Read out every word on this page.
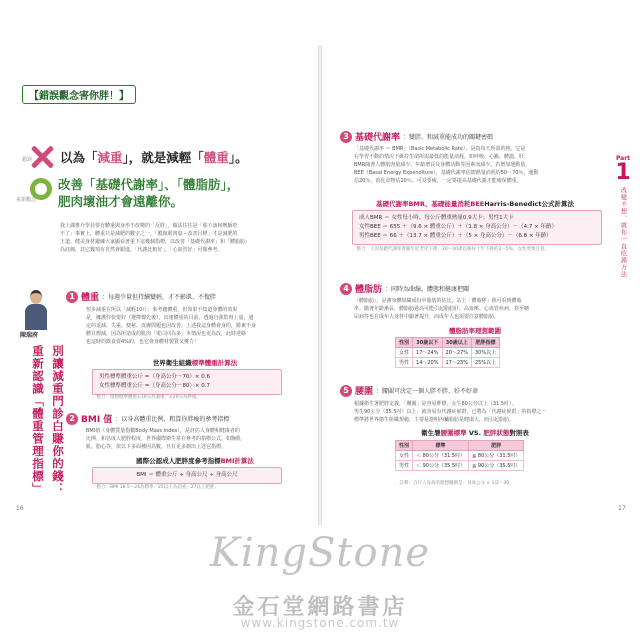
【錯誤觀念害你胖！】
錯誤 以為「減重」，就是減輕「體重」。
重新觀念
改善「基礎代謝率」、「體脂肪」，
肥肉壞油才會遠離你。
我上課推介學員要有體重與身形不改變的「反胖」，做法往往是「那不該和晚飯吃
不了」事實上，體重只是減肥的數字之一，「膜與肌肉量＋改善目標」才是減肥的
王道。健美身材鍛練大家顯看著重下這幾個指標，以改善「基礎代謝率」和「體脂肪」
為底線，其它幾項有自然會跟進，「代謝比較好」，「心血管好」可做參考。
陳瑞府
重新認識「體重管理指標」 別讓減重門診白賺你的錢：
1 體重 ：每週少量但持續變輕，才不影肌、不復胖
恒步減重在所以「減輕10斤」來考慮體重，但如果不知道身體的效果
是，擁護你快要好（選擇聲先後），出速體重的目前，透過自我監督上量，通
定的退減、失重、便秘、皮膚問題也因改善。上述我這身體會身的，勝東不身
體目標減，因為所造成的肌肉「電白回為多」本情況也更為改，此時達絡
也這時的飲食要4%的，也它會身體材製質又獲力！
世界衛生組織標準體重計算法
男性標準體重公斤 =（身高公分－70）× 0.6
女性標準體重公斤 =（身高公分－80）× 0.7
．整合：理想標準體重±10％為適重、±20％為胖瘦。
2 BMI 值 ：以身高體重比例，粗算你胖瘦的參考指標
BMI值（身體質量指數Body Mass Index），是評估人身體和健康者的
比例，和估成人肥胖程度。世界國際衛生常在參考的指標公式，如胸肌
肌、脂心等，依以下多面種因為數，且有更多測出上述它指標。
國際公認成人肥胖度參考指標BMI計算法
BMI ＝ 體重公斤 ÷ 身高公尺 ÷ 身高公尺
．整合：BMI 18.5～24為標準；25以上為超重，27以上肥胖。
16
3 基礎代謝率 ：變胖、和減重能成功的關鍵密碼
「基礎代謝率 ＝ BMR」（Basic Metabolic Rate），是指每天所需的熱，它是
在學習不動的情況下維持生命所需最低的能量消耗，如呼吸、心跳、體溫、肝、
BMR隨著人體肌肉量減少、年齡增長及身體活動等因素而減少。若增加運動量，
BEE（Basal Energy Expenditure），基礎代謝率佔總熱量消耗的50～70％，運動
佔20％，消化食物佔10％。可見要瘦，一定要提高基礎代謝才能確保體重。
基礎代謝率BMR、基礎能量消耗BEEHarris-Benedict公式計算法
成人BMR ＝ 女性每小時、每公斤體重熱量0.9大卡；男性1大卡
女性BEE ＝ 655 ＋（9.6 × 體重公斤）＋（1.8 × 身高公分）－（4.7 × 年齡）
男性BEE ＝ 66 ＋（13.7 × 體重公斤）＋（5 × 身高公分）－（6.8 × 年齡）
．整合：人的基礎代謝率會隨年紀老化下降，20～30歲以後每十年下降約2～5%，女性更要注意。
4 體脂肪 ：同時為曲線、體態和健康把關
「體脂肪」，是測身體組織成份中脂肪的佔比，站上「體脂秤」就可看到體脂
率。隨著年齡漸長，體脂肪過高可能引起脂肪肝、高血壓、心血管疾病，甚至糖
尿病等也在成年人身材中顯著提升，而成年人也需要注意體脂肪。
體脂肪率理想範圍
性別	30歲以下	30歲以上	肥胖指標
女性	17～24%	20～27%	30%以上
男性	14～20%	17～23%	25%以上
5 腰圍 ：腰圍可決定一個人胖不胖、好不好命
根據衛生署肥胖定義，「腰圍」是容易胖標，女生80公分以上（31.5吋）、
男生90公分（35.5吋）以上，就容易有代謝症候群，已將為「代謝症候群」的指標之一
標準將世界衛生組織規範，主要是證明內臟脂肪是健康大，而引起脂肪。
衛生署腰圍標準 VS. 肥胖狀態對照表
性別	標準	肥胖
女性	＜ 80公分（31.5吋）	≧ 80公分（31.5吋）
男性	＜ 90公分（35.5吋）	≧ 90公分（35.5吋）
．註釋：自行人身高的理想腰圍是：身高公分 × 1/2－30
17
Part
1
改變不想，就你一直吃錯方法
KingStone
金石堂網路書店
www.kingstone.com.tw
